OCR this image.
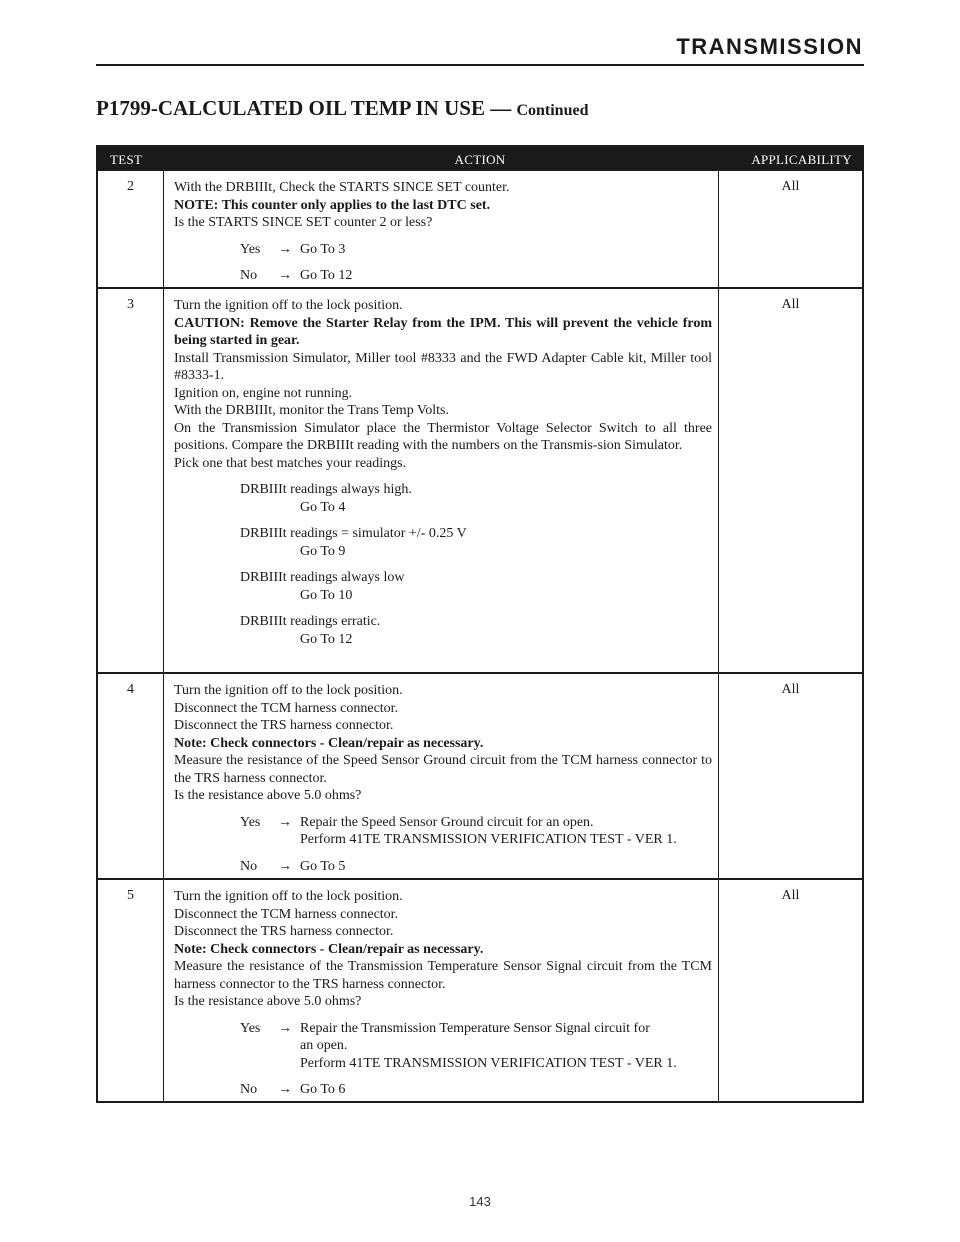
TRANSMISSION
P1799-CALCULATED OIL TEMP IN USE — Continued
ACTION
TEST	APPLICABILITY
2	With the DRBIIIt, Check the STARTS SINCE SET counter.
NOTE: This counter only applies to the last DTC set.
Is the STARTS SINCE SET counter 2 or less?
Yes	→ Go To 3
No	→ Go To 12
All
3	Turn the ignition off to the lock position.
CAUTION: Remove the Starter Relay from the IPM. This will prevent the vehicle from being started in gear.
Install Transmission Simulator, Miller tool #8333 and the FWD Adapter Cable kit, Miller tool #8333-1.
Ignition on, engine not running.
With the DRBIIIt, monitor the Trans Temp Volts.
On the Transmission Simulator place the Thermistor Voltage Selector Switch to all three positions. Compare the DRBIIIt reading with the numbers on the Transmis-sion Simulator.
Pick one that best matches your readings.
DRBIIIt readings always high.
Go To 4
DRBIIIt readings = simulator +/- 0.25 V
Go To 9
DRBIIIt readings always low
Go To 10
DRBIIIt readings erratic.
Go To 12
All
4	Turn the ignition off to the lock position.
Disconnect the TCM harness connector.
Disconnect the TRS harness connector.
Note: Check connectors - Clean/repair as necessary.
Measure the resistance of the Speed Sensor Ground circuit from the TCM harness connector to the TRS harness connector.
Is the resistance above 5.0 ohms?
Yes	→ Repair the Speed Sensor Ground circuit for an open.
Perform 41TE TRANSMISSION VERIFICATION TEST - VER 1.
No	→ Go To 5
All
5	Turn the ignition off to the lock position.
Disconnect the TCM harness connector.
Disconnect the TRS harness connector.
Note: Check connectors - Clean/repair as necessary.
Measure the resistance of the Transmission Temperature Sensor Signal circuit from the TCM harness connector to the TRS harness connector.
Is the resistance above 5.0 ohms?
Yes	→ Repair the Transmission Temperature Sensor Signal circuit for
an open.
Perform 41TE TRANSMISSION VERIFICATION TEST - VER 1.
No	→ Go To 6
All
143
